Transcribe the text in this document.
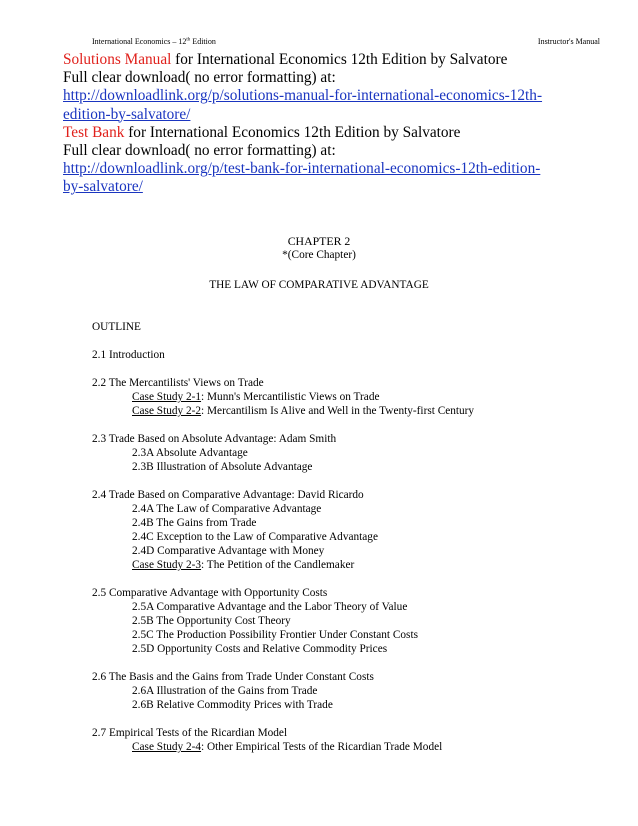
International Economics – 12th Edition	Instructor's Manual
Solutions Manual for International Economics 12th Edition by Salvatore
Full clear download( no error formatting) at:
http://downloadlink.org/p/solutions-manual-for-international-economics-12th-
edition-by-salvatore/
Test Bank for International Economics 12th Edition by Salvatore
Full clear download( no error formatting) at:
http://downloadlink.org/p/test-bank-for-international-economics-12th-edition-
by-salvatore/
CHAPTER 2
*(Core Chapter)
THE LAW OF COMPARATIVE ADVANTAGE
OUTLINE
2.1 Introduction
2.2 The Mercantilists' Views on Trade
Case Study 2-1: Munn's Mercantilistic Views on Trade
Case Study 2-2: Mercantilism Is Alive and Well in the Twenty-first Century
2.3 Trade Based on Absolute Advantage: Adam Smith
2.3A Absolute Advantage
2.3B Illustration of Absolute Advantage
2.4 Trade Based on Comparative Advantage: David Ricardo
2.4A The Law of Comparative Advantage
2.4B The Gains from Trade
2.4C Exception to the Law of Comparative Advantage
2.4D Comparative Advantage with Money
Case Study 2-3: The Petition of the Candlemaker
2.5 Comparative Advantage with Opportunity Costs
2.5A Comparative Advantage and the Labor Theory of Value
2.5B The Opportunity Cost Theory
2.5C The Production Possibility Frontier Under Constant Costs
2.5D Opportunity Costs and Relative Commodity Prices
2.6 The Basis and the Gains from Trade Under Constant Costs
2.6A Illustration of the Gains from Trade
2.6B Relative Commodity Prices with Trade
2.7 Empirical Tests of the Ricardian Model
Case Study 2-4: Other Empirical Tests of the Ricardian Trade Model
